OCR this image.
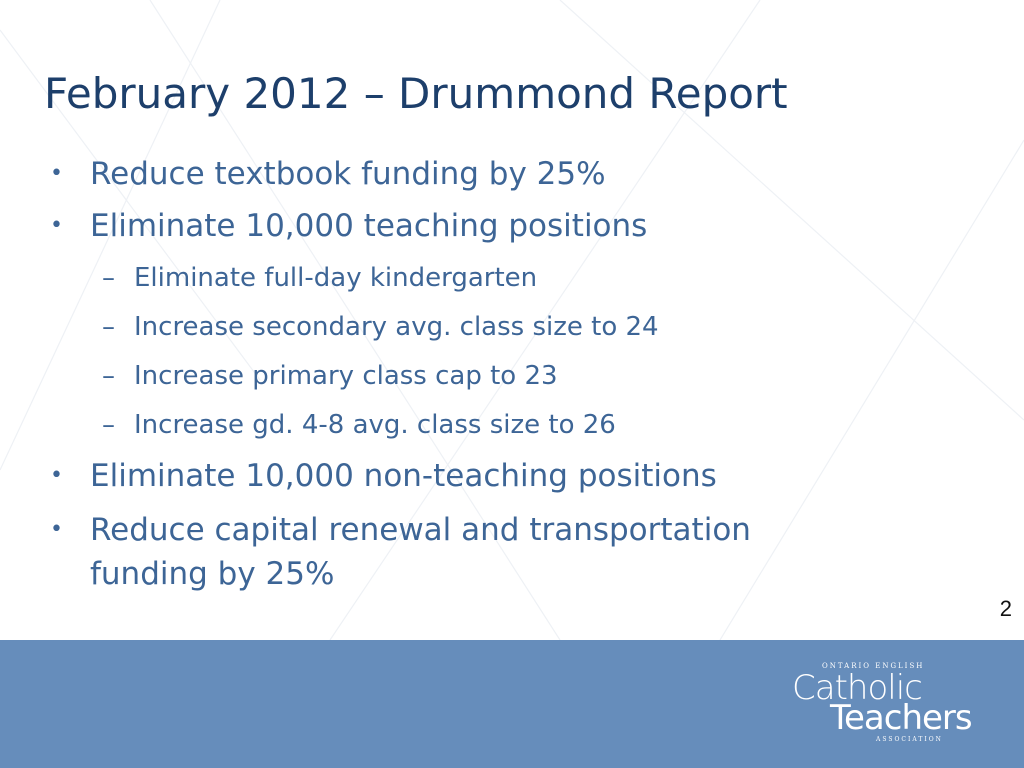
February 2012 – Drummond Report
• Reduce textbook funding by 25%
• Eliminate 10,000 teaching positions
– Eliminate full-day kindergarten
– Increase secondary avg. class size to 24
– Increase primary class cap to 23
– Increase gd. 4-8 avg. class size to 26
• Eliminate 10,000 non-teaching positions
• Reduce capital renewal and transportation
funding by 25%
2
ONTARIO ENGLISH
Catholic
Teachers
ASSOCIATION
